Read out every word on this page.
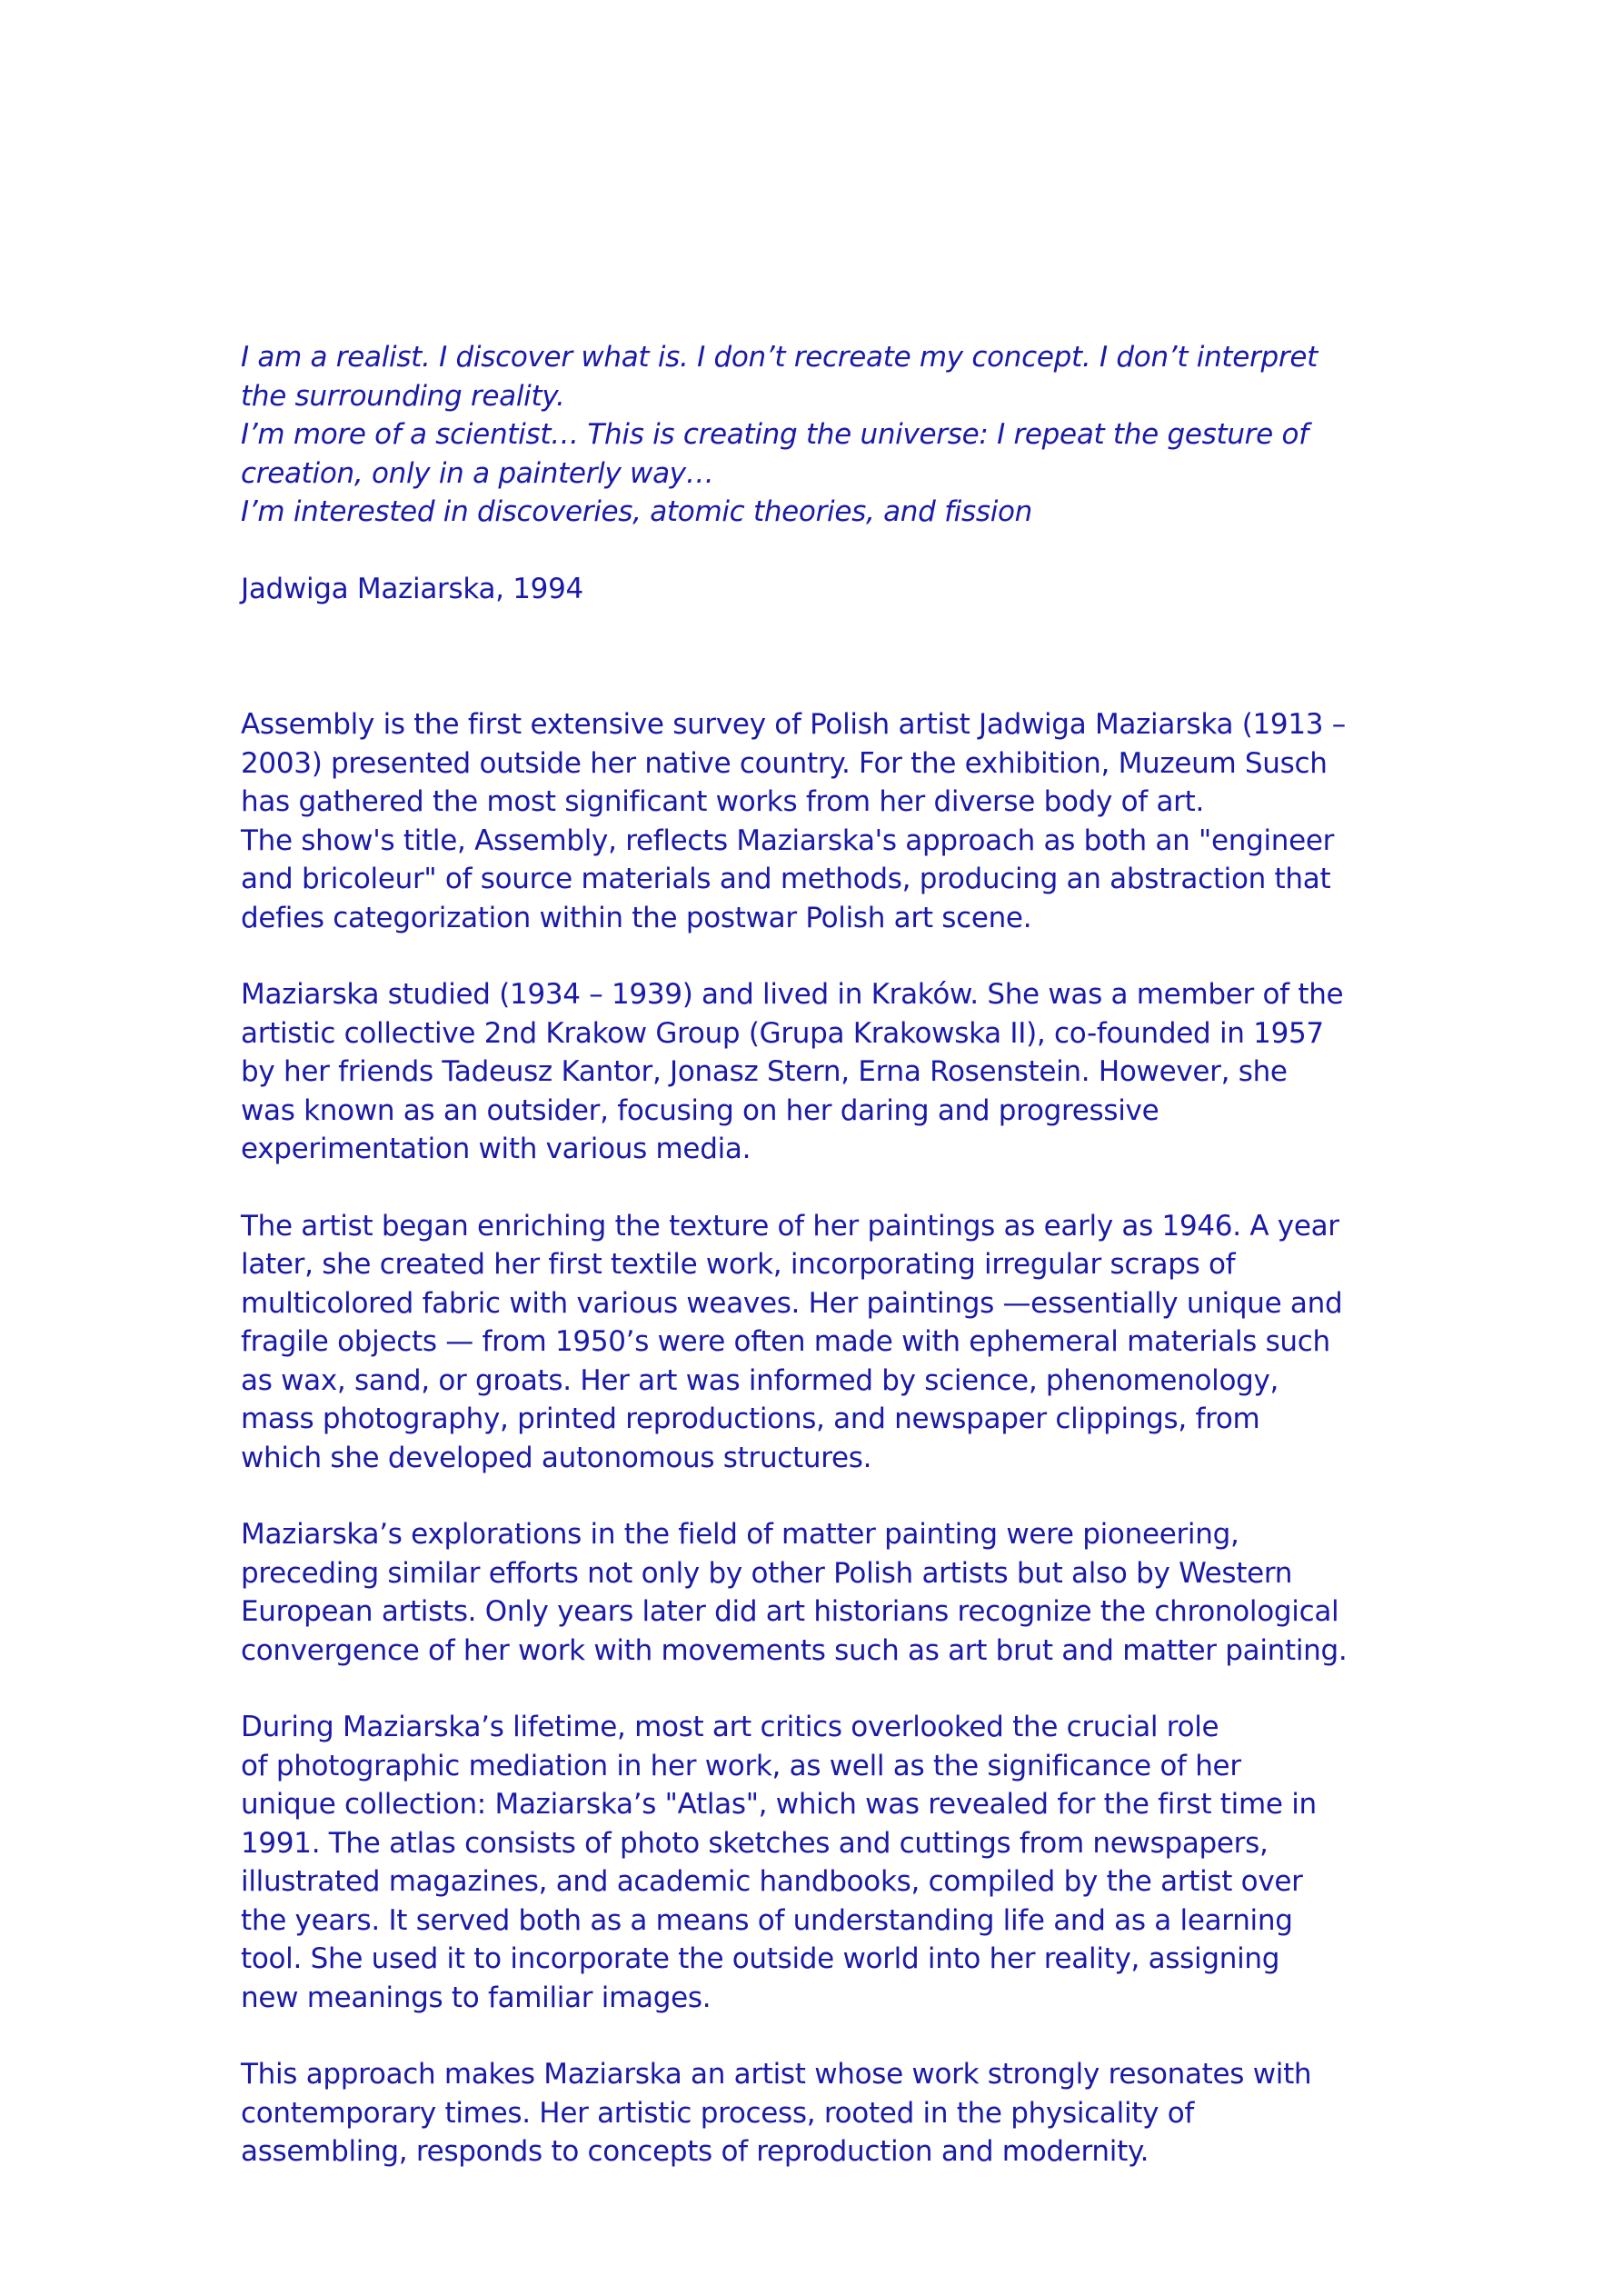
I am a realist. I discover what is. I don’t recreate my concept. I don’t interpret
the surrounding reality.
I’m more of a scientist… This is creating the universe: I repeat the gesture of
creation, only in a painterly way…
I’m interested in discoveries, atomic theories, and fission

Jadwiga Maziarska, 1994

Assembly is the first extensive survey of Polish artist Jadwiga Maziarska (1913 –
2003) presented outside her native country. For the exhibition, Muzeum Susch
has gathered the most significant works from her diverse body of art.
The show's title, Assembly, reflects Maziarska's approach as both an "engineer
and bricoleur" of source materials and methods, producing an abstraction that
defies categorization within the postwar Polish art scene.

Maziarska studied (1934 – 1939) and lived in Kraków. She was a member of the
artistic collective 2nd Krakow Group (Grupa Krakowska II), co-founded in 1957
by her friends Tadeusz Kantor, Jonasz Stern, Erna Rosenstein. However, she
was known as an outsider, focusing on her daring and progressive
experimentation with various media.

The artist began enriching the texture of her paintings as early as 1946. A year
later, she created her first textile work, incorporating irregular scraps of
multicolored fabric with various weaves. Her paintings —essentially unique and
fragile objects — from 1950’s were often made with ephemeral materials such
as wax, sand, or groats. Her art was informed by science, phenomenology,
mass photography, printed reproductions, and newspaper clippings, from
which she developed autonomous structures.

Maziarska’s explorations in the field of matter painting were pioneering,
preceding similar efforts not only by other Polish artists but also by Western
European artists. Only years later did art historians recognize the chronological
convergence of her work with movements such as art brut and matter painting.

During Maziarska’s lifetime, most art critics overlooked the crucial role
of photographic mediation in her work, as well as the significance of her
unique collection: Maziarska’s "Atlas", which was revealed for the first time in
1991. The atlas consists of photo sketches and cuttings from newspapers,
illustrated magazines, and academic handbooks, compiled by the artist over
the years. It served both as a means of understanding life and as a learning
tool. She used it to incorporate the outside world into her reality, assigning
new meanings to familiar images.

This approach makes Maziarska an artist whose work strongly resonates with
contemporary times. Her artistic process, rooted in the physicality of
assembling, responds to concepts of reproduction and modernity.
